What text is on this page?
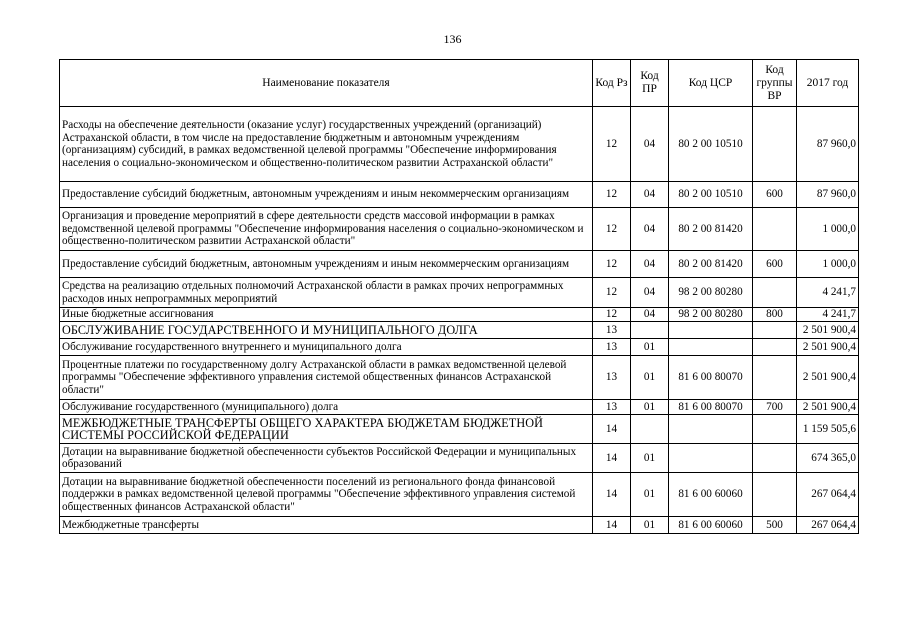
136
Наименование показателя	Код Рз	Код ПР	Код ЦСР	Код группы ВР	2017 год
Расходы на обеспечение деятельности (оказание услуг) государственных учреждений (организаций) Астраханской области, в том числе на предоставление бюджетным и автономным учреждениям (организациям) субсидий, в рамках ведомственной целевой программы "Обеспечение информирования населения о социально-экономическом и общественно-политическом развитии Астраханской области"	12	04	80 2 00 10510		87 960,0
Предоставление субсидий бюджетным, автономным учреждениям и иным некоммерческим организациям	12	04	80 2 00 10510	600	87 960,0
Организация и проведение мероприятий в сфере деятельности средств массовой информации в рамках ведомственной целевой программы "Обеспечение информирования населения о социально-экономическом и общественно-политическом развитии Астраханской области"	12	04	80 2 00 81420		1 000,0
Предоставление субсидий бюджетным, автономным учреждениям и иным некоммерческим организациям	12	04	80 2 00 81420	600	1 000,0
Средства на реализацию отдельных полномочий Астраханской области в рамках прочих непрограммных расходов иных непрограммных мероприятий	12	04	98 2 00 80280		4 241,7
Иные бюджетные ассигнования	12	04	98 2 00 80280	800	4 241,7
ОБСЛУЖИВАНИЕ ГОСУДАРСТВЕННОГО И МУНИЦИПАЛЬНОГО ДОЛГА	13				2 501 900,4
Обслуживание государственного внутреннего и муниципального долга	13	01			2 501 900,4
Процентные платежи по государственному долгу Астраханской области в рамках ведомственной целевой программы "Обеспечение эффективного управления системой общественных финансов Астраханской области"	13	01	81 6 00 80070		2 501 900,4
Обслуживание государственного (муниципального) долга	13	01	81 6 00 80070	700	2 501 900,4
МЕЖБЮДЖЕТНЫЕ ТРАНСФЕРТЫ ОБЩЕГО ХАРАКТЕРА БЮДЖЕТАМ БЮДЖЕТНОЙ СИСТЕМЫ РОССИЙСКОЙ ФЕДЕРАЦИИ	14				1 159 505,6
Дотации на выравнивание бюджетной обеспеченности субъектов Российской Федерации и муниципальных образований	14	01			674 365,0
Дотации на выравнивание бюджетной обеспеченности поселений из регионального фонда финансовой поддержки в рамках ведомственной целевой программы "Обеспечение эффективного управления системой общественных финансов Астраханской области"	14	01	81 6 00 60060		267 064,4
Межбюджетные трансферты	14	01	81 6 00 60060	500	267 064,4
